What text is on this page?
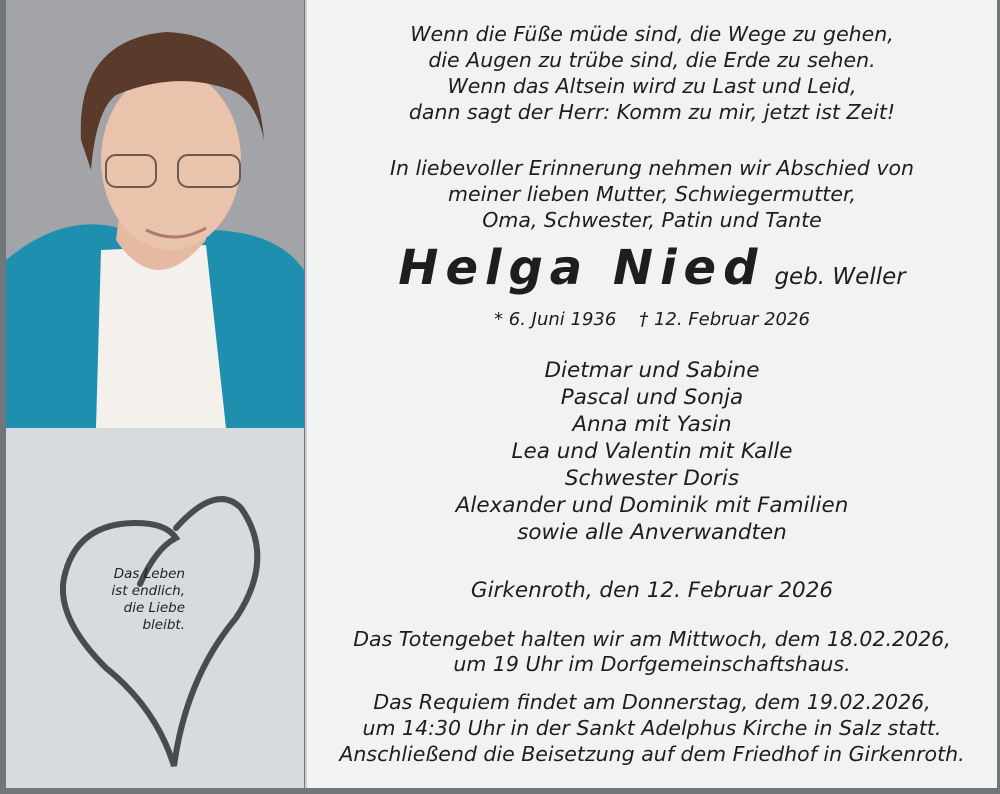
Das Leben
ist endlich,
die Liebe
bleibt.
Wenn die Füße müde sind, die Wege zu gehen,
die Augen zu trübe sind, die Erde zu sehen.
Wenn das Altsein wird zu Last und Leid,
dann sagt der Herr: Komm zu mir, jetzt ist Zeit!
In liebevoller Erinnerung nehmen wir Abschied von
meiner lieben Mutter, Schwiegermutter,
Oma, Schwester, Patin und Tante
Helga Nied geb. Weller
* 6. Juni 1936    † 12. Februar 2026
Dietmar und Sabine
Pascal und Sonja
Anna mit Yasin
Lea und Valentin mit Kalle
Schwester Doris
Alexander und Dominik mit Familien
sowie alle Anverwandten
Girkenroth, den 12. Februar 2026
Das Totengebet halten wir am Mittwoch, dem 18.02.2026,
um 19 Uhr im Dorfgemeinschaftshaus.
Das Requiem findet am Donnerstag, dem 19.02.2026,
um 14:30 Uhr in der Sankt Adelphus Kirche in Salz statt.
Anschließend die Beisetzung auf dem Friedhof in Girkenroth.
